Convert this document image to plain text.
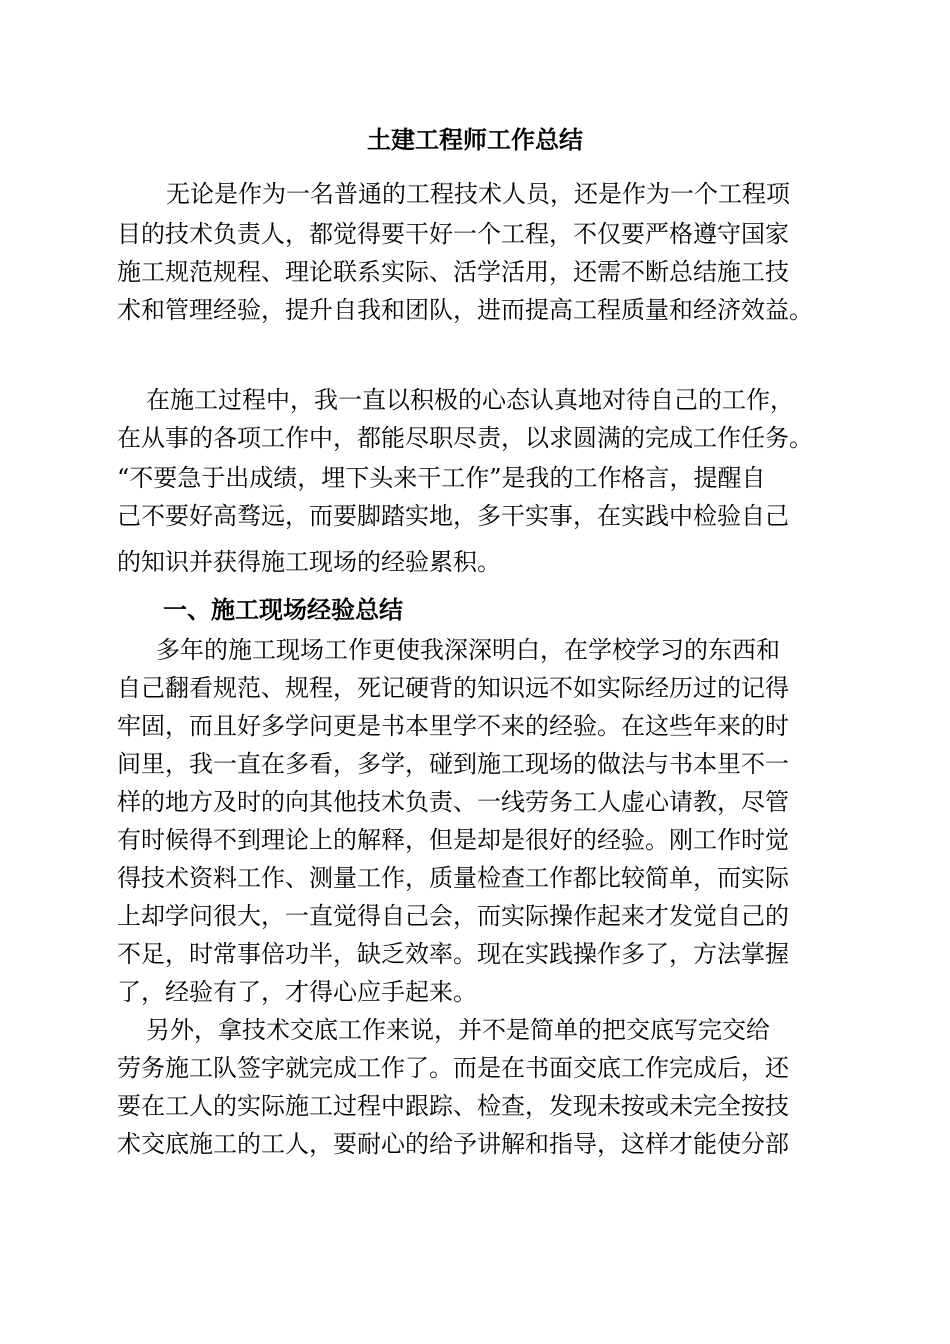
土建工程师工作总结
无论是作为一名普通的工程技术人员，还是作为一个工程项
目的技术负责人，都觉得要干好一个工程，不仅要严格遵守国家
施工规范规程、理论联系实际、活学活用，还需不断总结施工技
术和管理经验，提升自我和团队，进而提高工程质量和经济效益。
在施工过程中，我一直以积极的心态认真地对待自己的工作，
在从事的各项工作中，都能尽职尽责，以求圆满的完成工作任务。
“不要急于出成绩，埋下头来干工作”是我的工作格言，提醒自
己不要好高骛远，而要脚踏实地，多干实事，在实践中检验自己
的知识并获得施工现场的经验累积。
一、施工现场经验总结
多年的施工现场工作更使我深深明白，在学校学习的东西和
自己翻看规范、规程，死记硬背的知识远不如实际经历过的记得
牢固，而且好多学问更是书本里学不来的经验。在这些年来的时
间里，我一直在多看，多学，碰到施工现场的做法与书本里不一
样的地方及时的向其他技术负责、一线劳务工人虚心请教，尽管
有时候得不到理论上的解释，但是却是很好的经验。刚工作时觉
得技术资料工作、测量工作，质量检查工作都比较简单，而实际
上却学问很大，一直觉得自己会，而实际操作起来才发觉自己的
不足，时常事倍功半，缺乏效率。现在实践操作多了，方法掌握
了，经验有了，才得心应手起来。
另外，拿技术交底工作来说，并不是简单的把交底写完交给
劳务施工队签字就完成工作了。而是在书面交底工作完成后，还
要在工人的实际施工过程中跟踪、检查，发现未按或未完全按技
术交底施工的工人，要耐心的给予讲解和指导，这样才能使分部
